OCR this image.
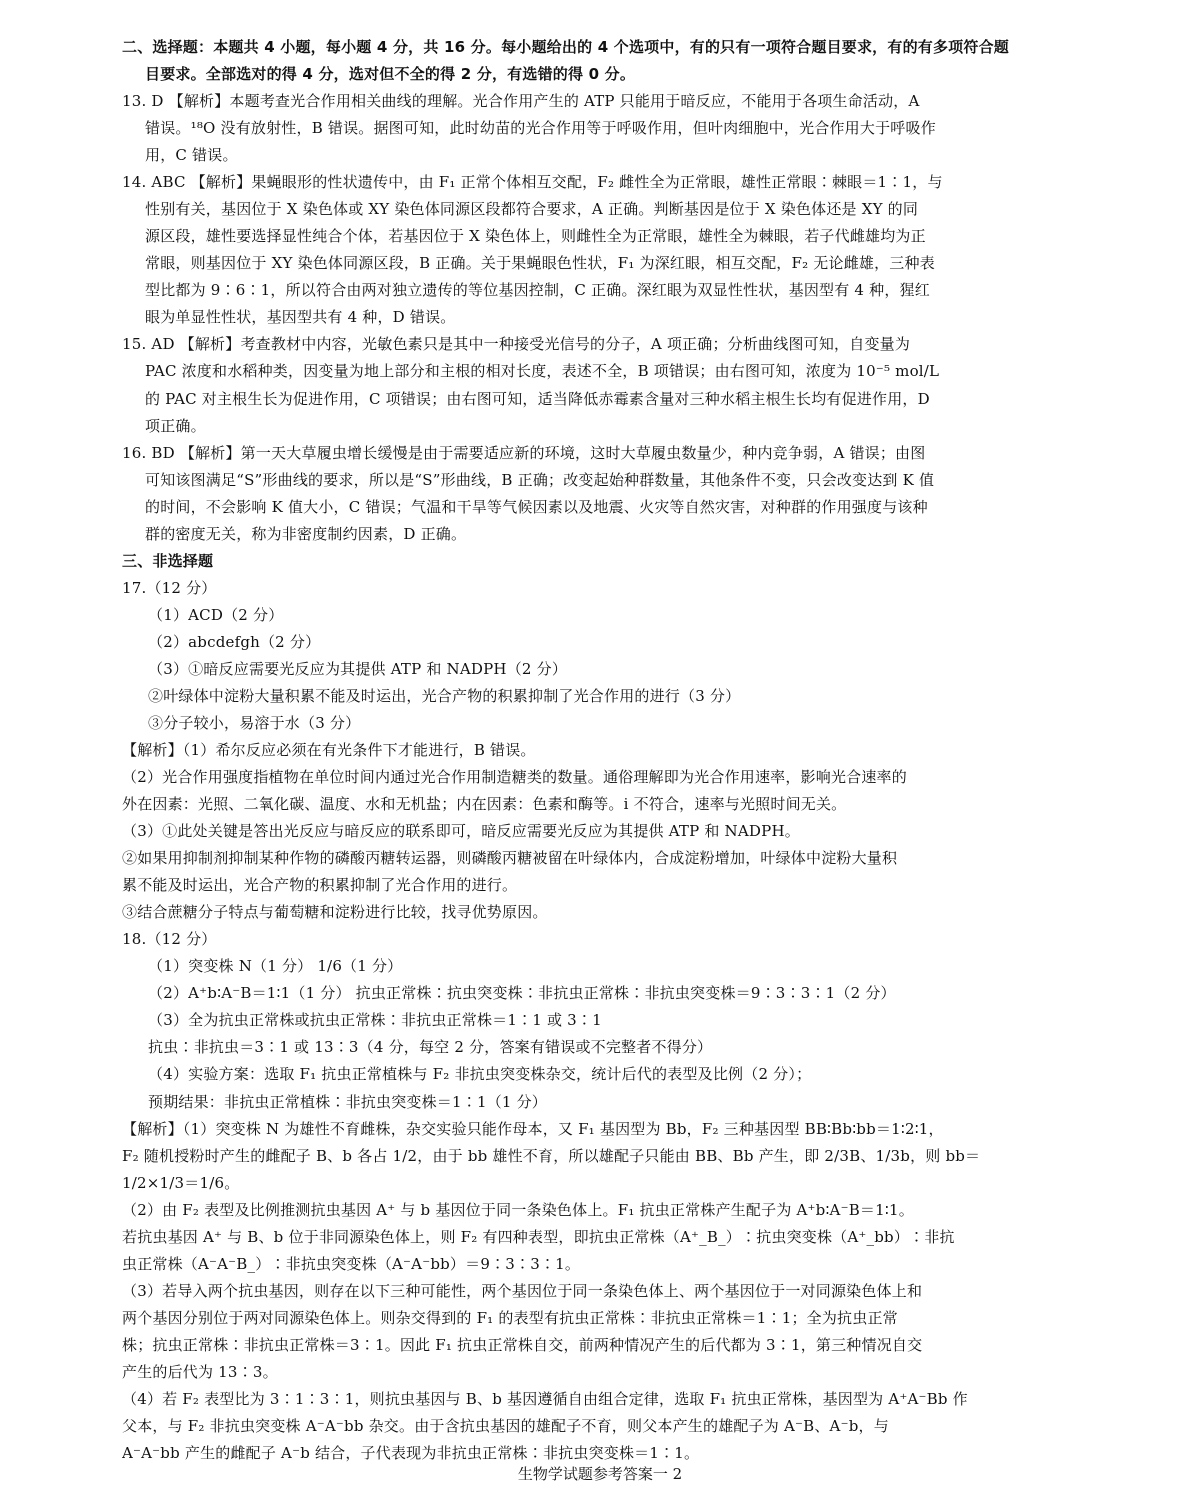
二、选择题：本题共 4 小题，每小题 4 分，共 16 分。每小题给出的 4 个选项中，有的只有一项符合题目要求，有的有多项符合题
目要求。全部选对的得 4 分，选对但不全的得 2 分，有选错的得 0 分。
13. D 【解析】本题考查光合作用相关曲线的理解。光合作用产生的 ATP 只能用于暗反应，不能用于各项生命活动，A
错误。¹⁸O 没有放射性，B 错误。据图可知，此时幼苗的光合作用等于呼吸作用，但叶肉细胞中，光合作用大于呼吸作
用，C 错误。
14. ABC 【解析】果蝇眼形的性状遗传中，由 F₁ 正常个体相互交配，F₂ 雌性全为正常眼，雄性正常眼∶棘眼＝1∶1，与
性别有关，基因位于 X 染色体或 XY 染色体同源区段都符合要求，A 正确。判断基因是位于 X 染色体还是 XY 的同
源区段，雄性要选择显性纯合个体，若基因位于 X 染色体上，则雌性全为正常眼，雄性全为棘眼，若子代雌雄均为正
常眼，则基因位于 XY 染色体同源区段，B 正确。关于果蝇眼色性状，F₁ 为深红眼，相互交配，F₂ 无论雌雄，三种表
型比都为 9∶6∶1，所以符合由两对独立遗传的等位基因控制，C 正确。深红眼为双显性性状，基因型有 4 种，猩红
眼为单显性性状，基因型共有 4 种，D 错误。
15. AD 【解析】考查教材中内容，光敏色素只是其中一种接受光信号的分子，A 项正确；分析曲线图可知，自变量为
PAC 浓度和水稻种类，因变量为地上部分和主根的相对长度，表述不全，B 项错误；由右图可知，浓度为 10⁻⁵ mol/L
的 PAC 对主根生长为促进作用，C 项错误；由右图可知，适当降低赤霉素含量对三种水稻主根生长均有促进作用，D
项正确。
16. BD 【解析】第一天大草履虫增长缓慢是由于需要适应新的环境，这时大草履虫数量少，种内竞争弱，A 错误；由图
可知该图满足“S”形曲线的要求，所以是“S”形曲线，B 正确；改变起始种群数量，其他条件不变，只会改变达到 K 值
的时间，不会影响 K 值大小，C 错误；气温和干旱等气候因素以及地震、火灾等自然灾害，对种群的作用强度与该种
群的密度无关，称为非密度制约因素，D 正确。
三、非选择题
17.（12 分）
（1）ACD（2 分）
（2）abcdefgh（2 分）
（3）①暗反应需要光反应为其提供 ATP 和 NADPH（2 分）
②叶绿体中淀粉大量积累不能及时运出，光合产物的积累抑制了光合作用的进行（3 分）
③分子较小，易溶于水（3 分）
【解析】（1）希尔反应必须在有光条件下才能进行，B 错误。
（2）光合作用强度指植物在单位时间内通过光合作用制造糖类的数量。通俗理解即为光合作用速率，影响光合速率的
外在因素：光照、二氧化碳、温度、水和无机盐；内在因素：色素和酶等。i 不符合，速率与光照时间无关。
（3）①此处关键是答出光反应与暗反应的联系即可，暗反应需要光反应为其提供 ATP 和 NADPH。
②如果用抑制剂抑制某种作物的磷酸丙糖转运器，则磷酸丙糖被留在叶绿体内，合成淀粉增加，叶绿体中淀粉大量积
累不能及时运出，光合产物的积累抑制了光合作用的进行。
③结合蔗糖分子特点与葡萄糖和淀粉进行比较，找寻优势原因。
18.（12 分）
（1）突变株 N（1 分） 1/6（1 分）
（2）A⁺b∶A⁻B＝1∶1（1 分） 抗虫正常株∶抗虫突变株∶非抗虫正常株∶非抗虫突变株＝9∶3∶3∶1（2 分）
（3）全为抗虫正常株或抗虫正常株∶非抗虫正常株＝1∶1 或 3∶1
抗虫∶非抗虫＝3∶1 或 13∶3（4 分，每空 2 分，答案有错误或不完整者不得分）
（4）实验方案：选取 F₁ 抗虫正常植株与 F₂ 非抗虫突变株杂交，统计后代的表型及比例（2 分）；
预期结果：非抗虫正常植株∶非抗虫突变株＝1∶1（1 分）
【解析】（1）突变株 N 为雄性不育雌株，杂交实验只能作母本，又 F₁ 基因型为 Bb，F₂ 三种基因型 BB∶Bb∶bb＝1∶2∶1，
F₂ 随机授粉时产生的雌配子 B、b 各占 1/2，由于 bb 雄性不育，所以雄配子只能由 BB、Bb 产生，即 2/3B、1/3b，则 bb＝
1/2×1/3＝1/6。
（2）由 F₂ 表型及比例推测抗虫基因 A⁺ 与 b 基因位于同一条染色体上。F₁ 抗虫正常株产生配子为 A⁺b∶A⁻B＝1∶1。
若抗虫基因 A⁺ 与 B、b 位于非同源染色体上，则 F₂ 有四种表型，即抗虫正常株（A⁺_B_）∶抗虫突变株（A⁺_bb）∶非抗
虫正常株（A⁻A⁻B_）∶非抗虫突变株（A⁻A⁻bb）＝9∶3∶3∶1。
（3）若导入两个抗虫基因，则存在以下三种可能性，两个基因位于同一条染色体上、两个基因位于一对同源染色体上和
两个基因分别位于两对同源染色体上。则杂交得到的 F₁ 的表型有抗虫正常株∶非抗虫正常株＝1∶1；全为抗虫正常
株；抗虫正常株∶非抗虫正常株＝3∶1。因此 F₁ 抗虫正常株自交，前两种情况产生的后代都为 3∶1，第三种情况自交
产生的后代为 13∶3。
（4）若 F₂ 表型比为 3∶1∶3∶1，则抗虫基因与 B、b 基因遵循自由组合定律，选取 F₁ 抗虫正常株，基因型为 A⁺A⁻Bb 作
父本，与 F₂ 非抗虫突变株 A⁻A⁻bb 杂交。由于含抗虫基因的雄配子不育，则父本产生的雄配子为 A⁻B、A⁻b，与
A⁻A⁻bb 产生的雌配子 A⁻b 结合，子代表现为非抗虫正常株∶非抗虫突变株＝1∶1。
生物学试题参考答案一 2
